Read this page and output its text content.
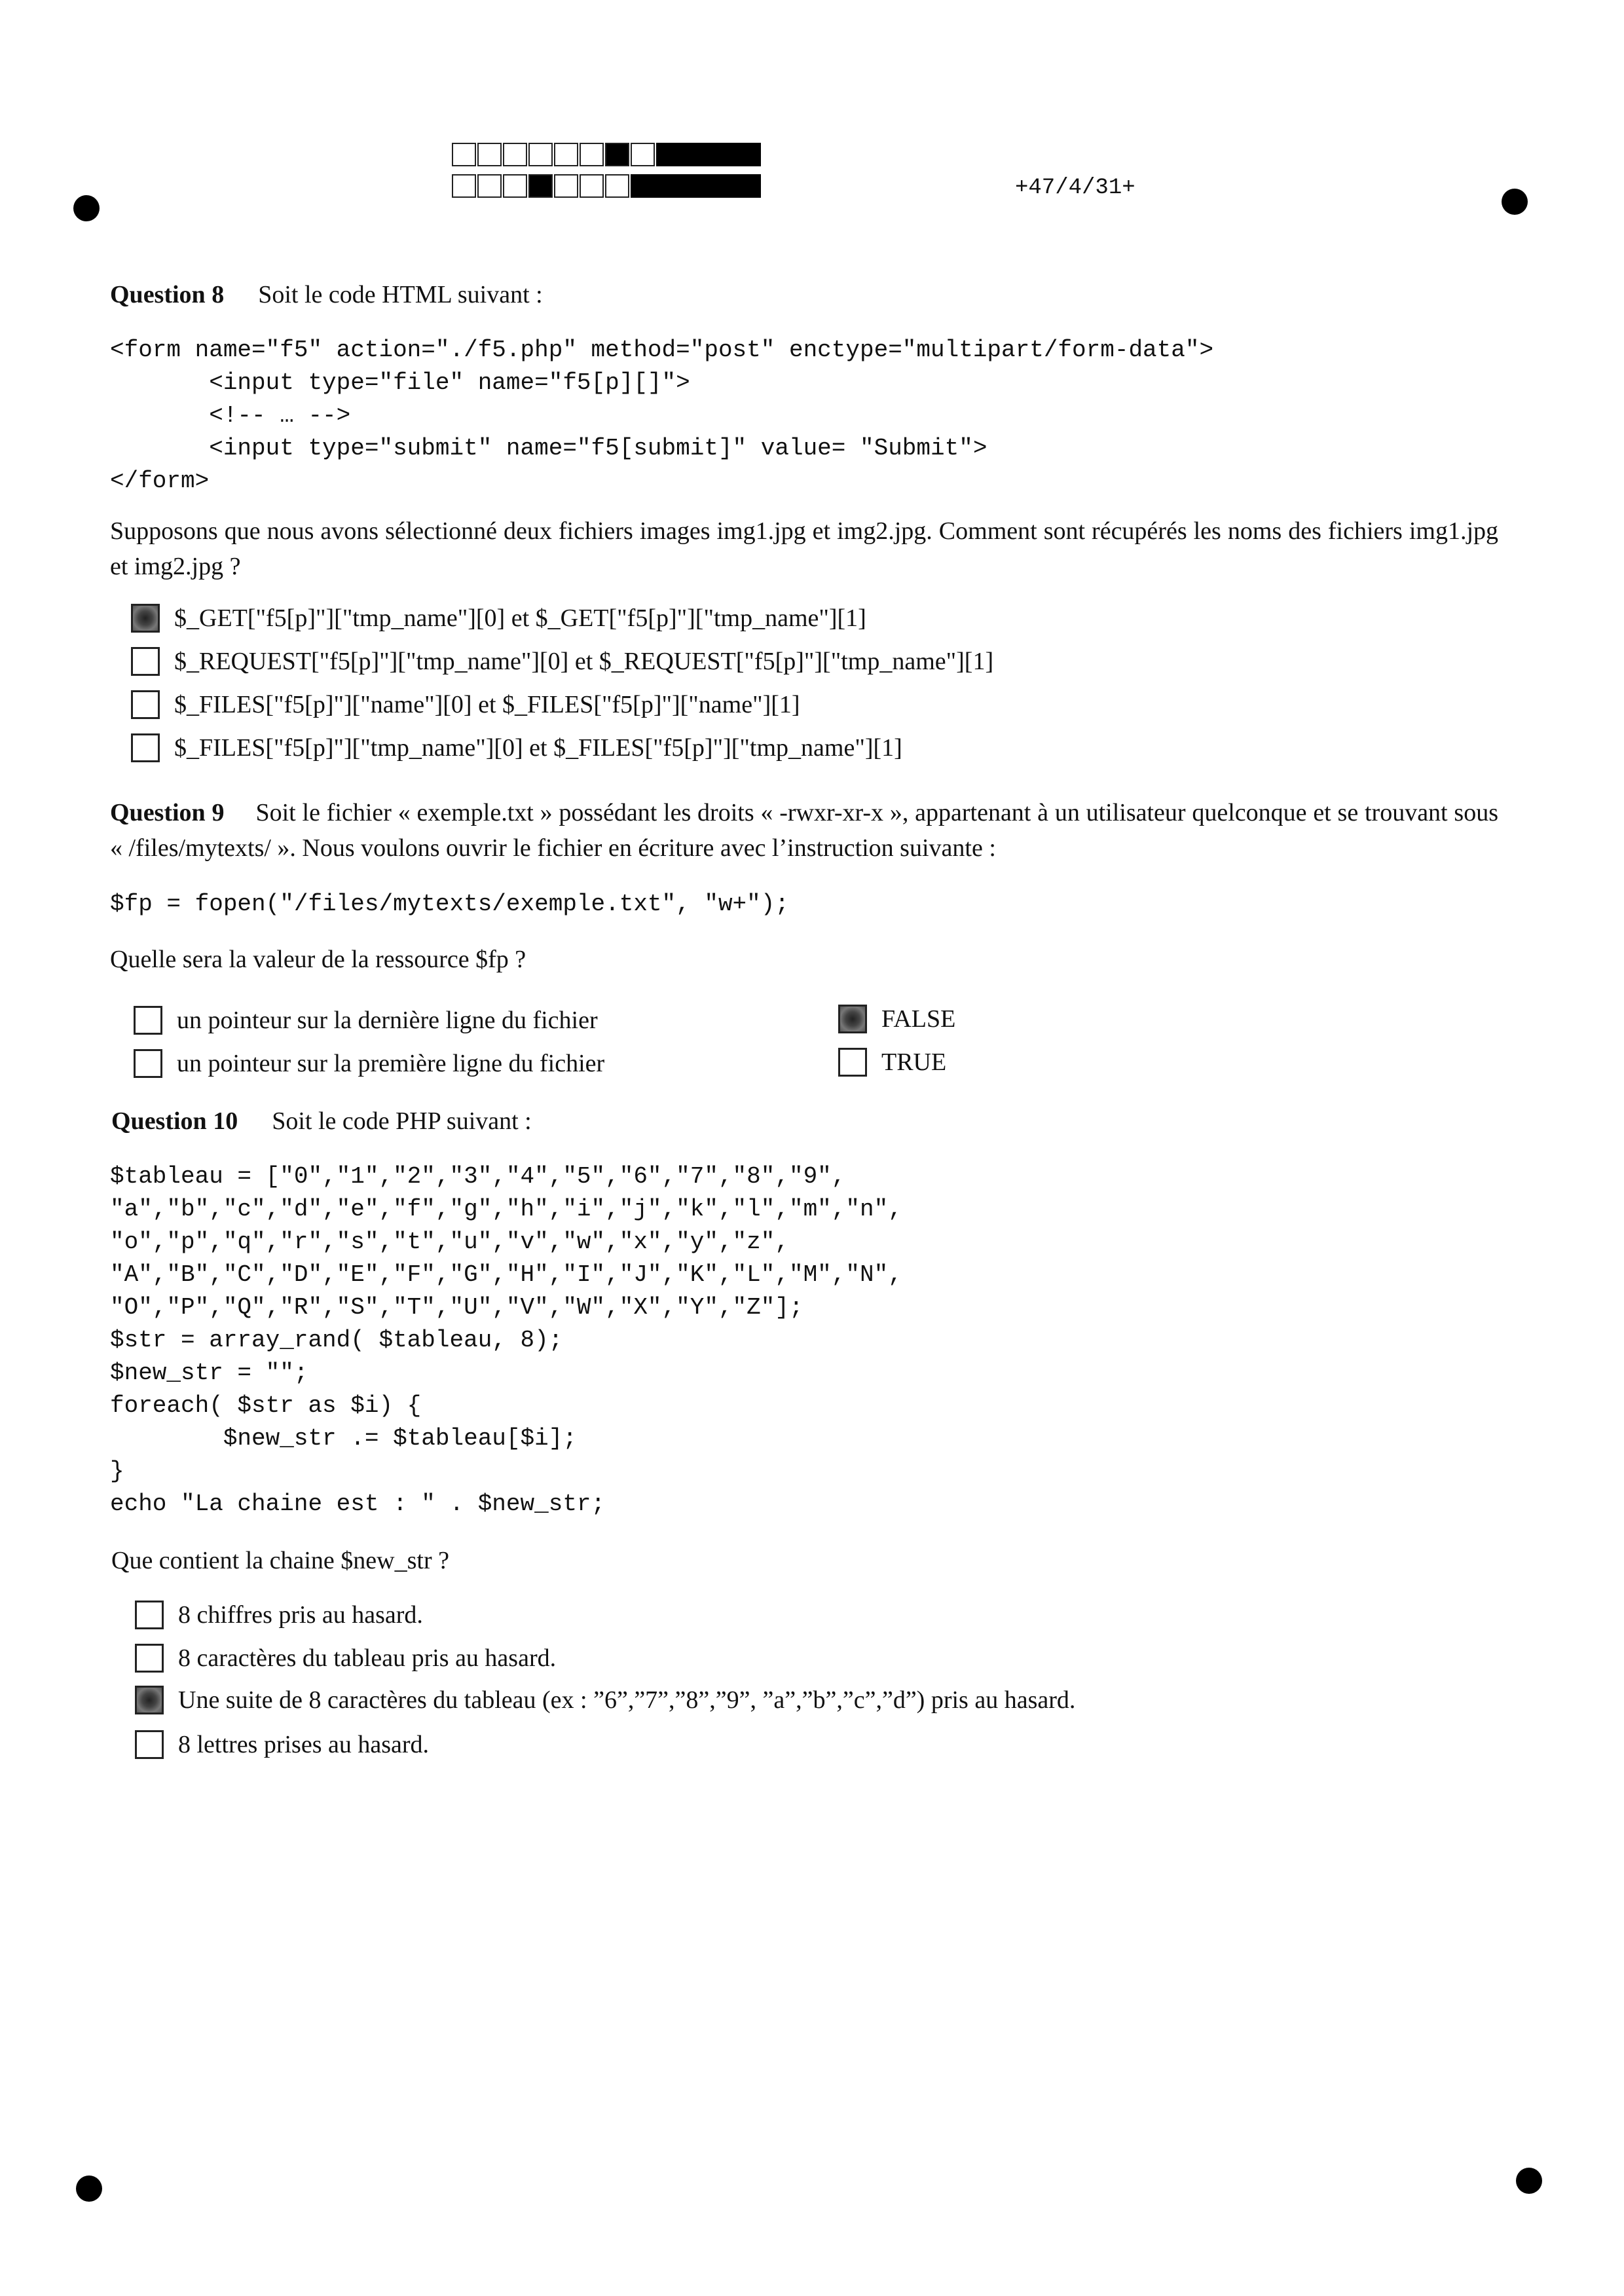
+47/4/31+
Question 8 Soit le code HTML suivant :
<form name="f5" action="./f5.php" method="post" enctype="multipart/form-data">
<input type="file" name="f5[p][]">
<!-- … -->
<input type="submit" name="f5[submit]" value= "Submit">
</form>
Supposons que nous avons sélectionné deux fichiers images img1.jpg et img2.jpg. Comment sont récupérés les noms des fichiers img1.jpg et img2.jpg ?
$_GET["f5[p]"]["tmp_name"][0] et $_GET["f5[p]"]["tmp_name"][1]
$_REQUEST["f5[p]"]["tmp_name"][0] et $_REQUEST["f5[p]"]["tmp_name"][1]
$_FILES["f5[p]"]["name"][0] et $_FILES["f5[p]"]["name"][1]
$_FILES["f5[p]"]["tmp_name"][0] et $_FILES["f5[p]"]["tmp_name"][1]
Question 9 Soit le fichier « exemple.txt » possédant les droits « -rwxr-xr-x », appartenant à un utilisateur quelconque et se trouvant sous « /files/mytexts/ ». Nous voulons ouvrir le fichier en écriture avec l’instruction suivante :
$fp = fopen("/files/mytexts/exemple.txt", "w+");
Quelle sera la valeur de la ressource $fp ?
un pointeur sur la dernière ligne du fichier
un pointeur sur la première ligne du fichier
FALSE
TRUE
Question 10 Soit le code PHP suivant :
$tableau = ["0","1","2","3","4","5","6","7","8","9",
"a","b","c","d","e","f","g","h","i","j","k","l","m","n",
"o","p","q","r","s","t","u","v","w","x","y","z",
"A","B","C","D","E","F","G","H","I","J","K","L","M","N",
"O","P","Q","R","S","T","U","V","W","X","Y","Z"];
$str = array_rand( $tableau, 8);
$new_str = "";
foreach( $str as $i) {
$new_str .= $tableau[$i];
}
echo "La chaine est : " . $new_str;
Que contient la chaine $new_str ?
8 chiffres pris au hasard.
8 caractères du tableau pris au hasard.
Une suite de 8 caractères du tableau (ex : ”6”,”7”,”8”,”9”, ”a”,”b”,”c”,”d”) pris au hasard.
8 lettres prises au hasard.
